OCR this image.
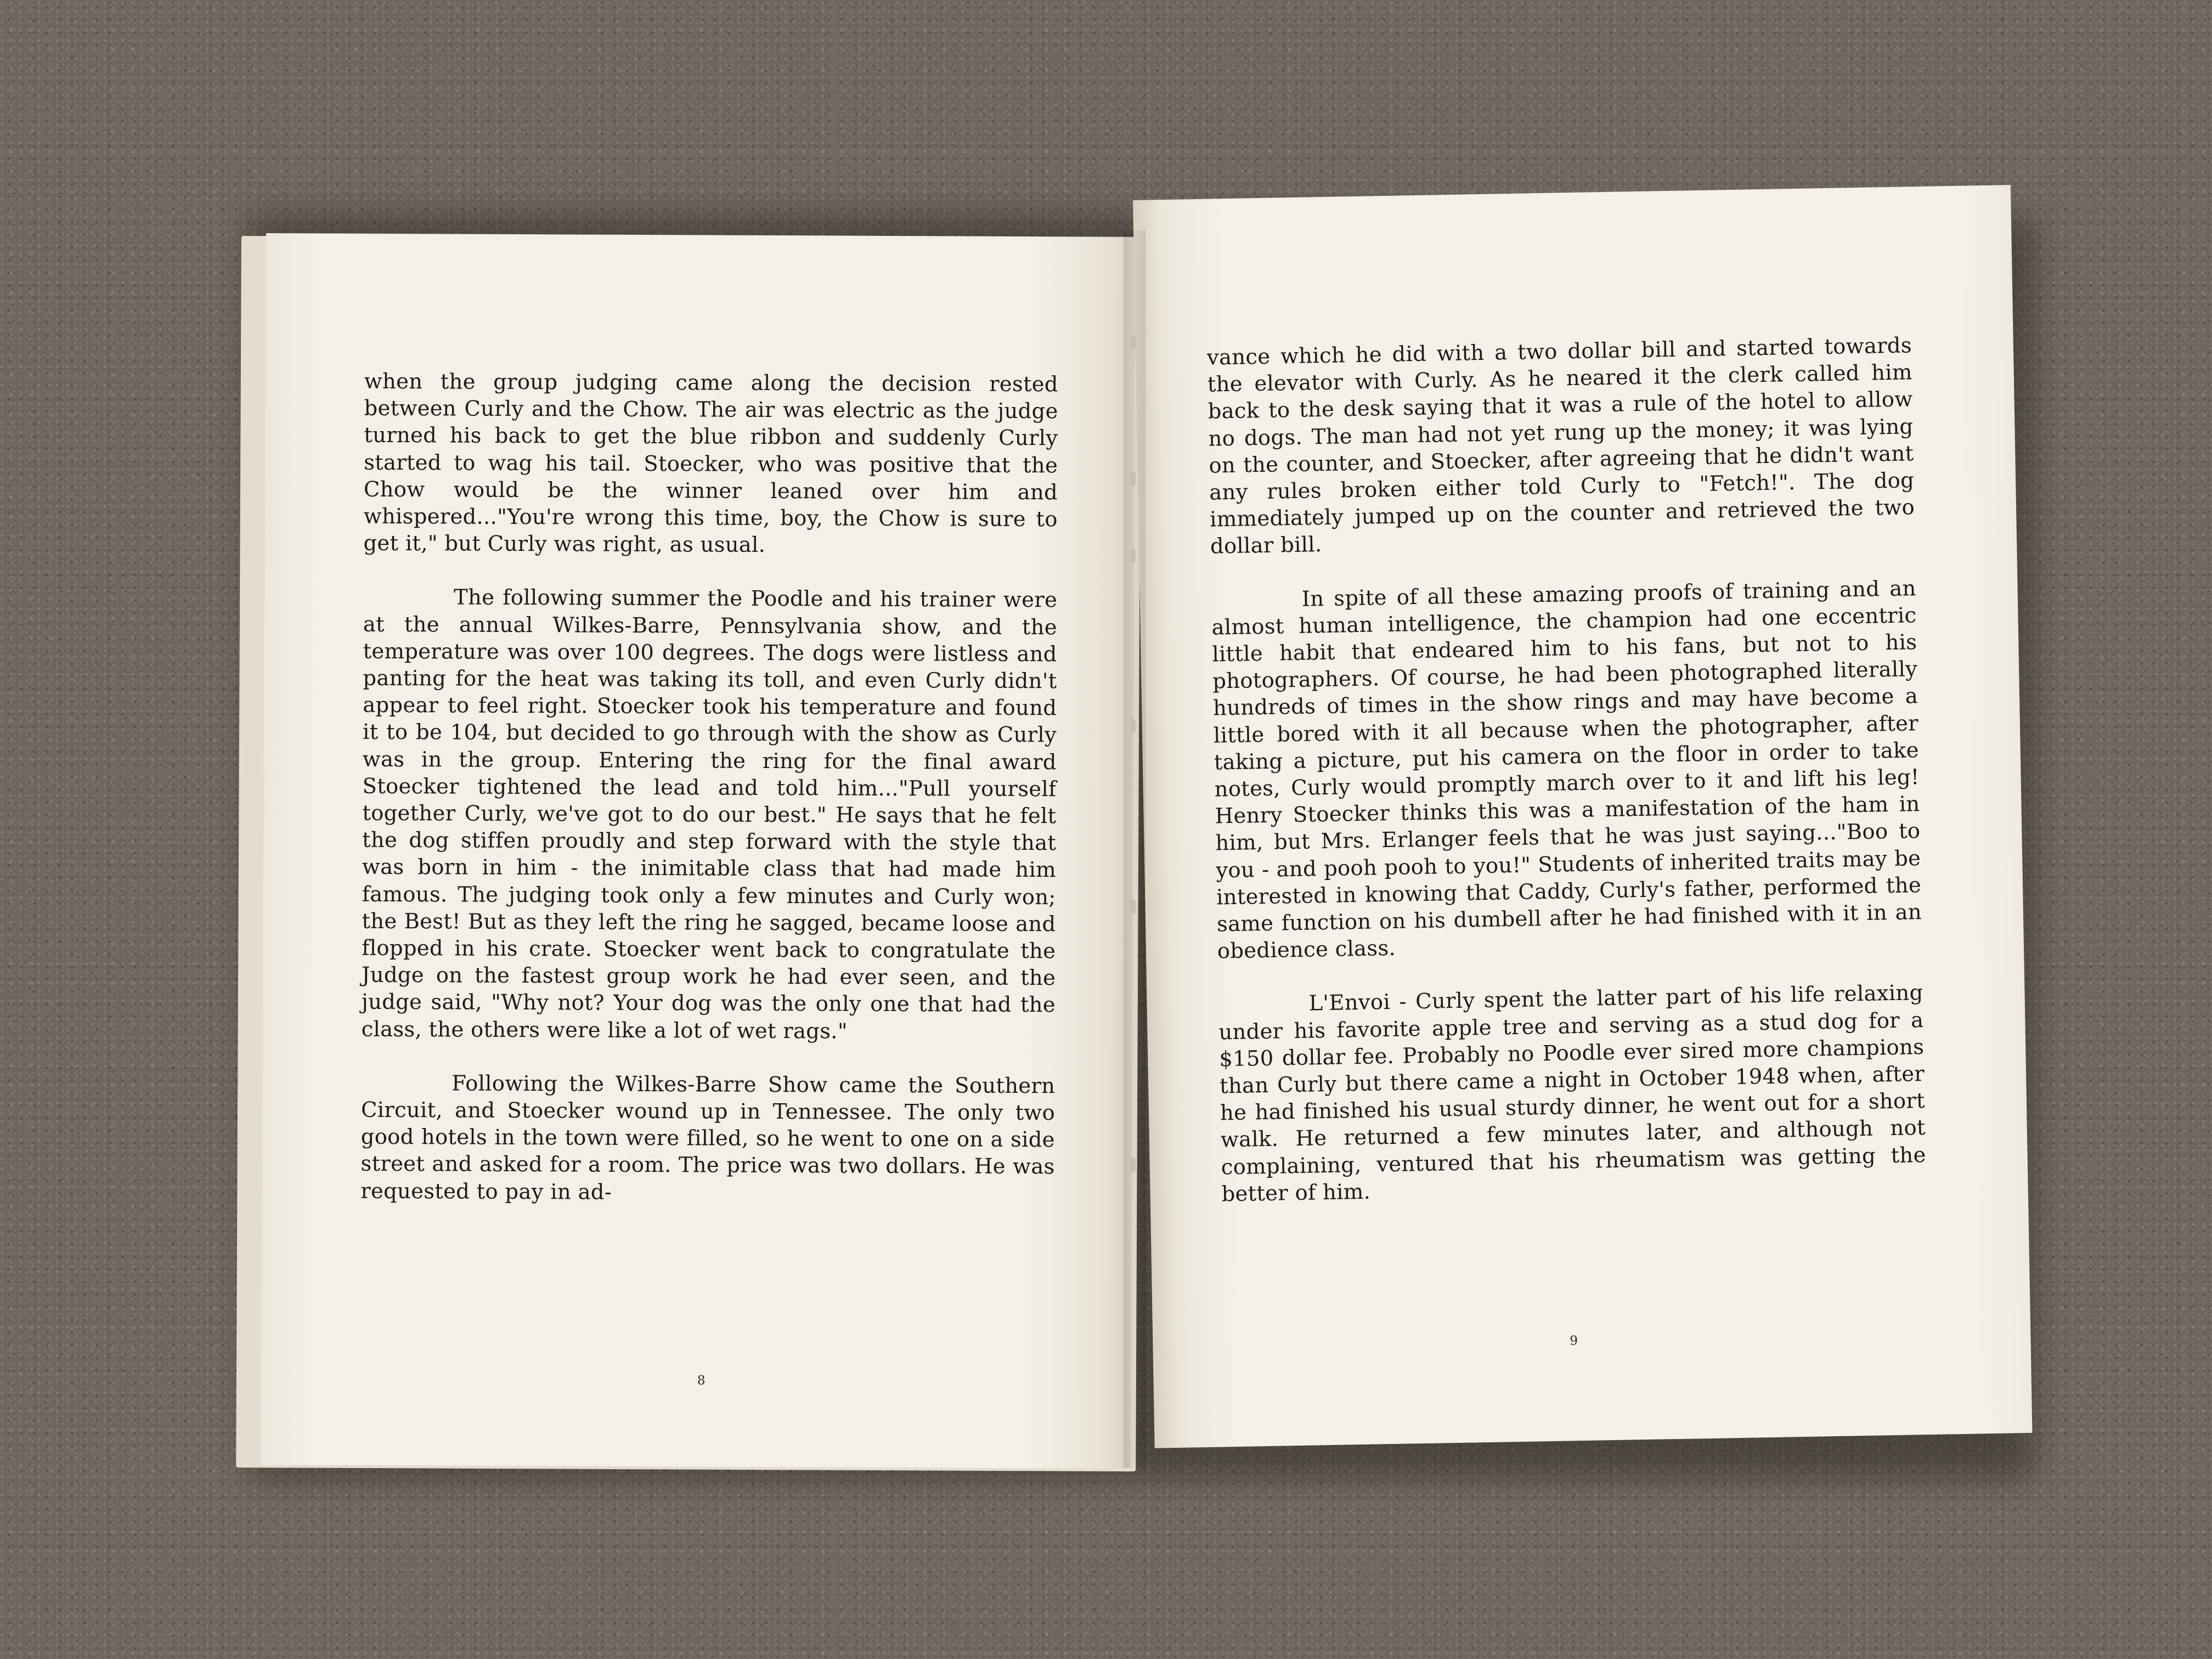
when the group judging came along the decision rested between Curly and the Chow. The air was electric as the judge turned his back to get the blue ribbon and suddenly Curly started to wag his tail. Stoecker, who was positive that the Chow would be the winner leaned over him and whispered..."You're wrong this time, boy, the Chow is sure to get it," but Curly was right, as usual.

The following summer the Poodle and his trainer were at the annual Wilkes-Barre, Pennsylvania show, and the temperature was over 100 degrees. The dogs were listless and panting for the heat was taking its toll, and even Curly didn't appear to feel right. Stoecker took his temperature and found it to be 104, but decided to go through with the show as Curly was in the group. Entering the ring for the final award Stoecker tightened the lead and told him..."Pull yourself together Curly, we've got to do our best." He says that he felt the dog stiffen proudly and step forward with the style that was born in him - the inimitable class that had made him famous. The judging took only a few minutes and Curly won; the Best! But as they left the ring he sagged, became loose and flopped in his crate. Stoecker went back to congratulate the Judge on the fastest group work he had ever seen, and the judge said, "Why not? Your dog was the only one that had the class, the others were like a lot of wet rags."

Following the Wilkes-Barre Show came the Southern Circuit, and Stoecker wound up in Tennessee. The only two good hotels in the town were filled, so he went to one on a side street and asked for a room. The price was two dollars. He was requested to pay in ad-

8

vance which he did with a two dollar bill and started towards the elevator with Curly. As he neared it the clerk called him back to the desk saying that it was a rule of the hotel to allow no dogs. The man had not yet rung up the money; it was lying on the counter, and Stoecker, after agreeing that he didn't want any rules broken either told Curly to "Fetch!". The dog immediately jumped up on the counter and retrieved the two dollar bill.

In spite of all these amazing proofs of training and an almost human intelligence, the champion had one eccentric little habit that endeared him to his fans, but not to his photographers. Of course, he had been photographed literally hundreds of times in the show rings and may have become a little bored with it all because when the photographer, after taking a picture, put his camera on the floor in order to take notes, Curly would promptly march over to it and lift his leg! Henry Stoecker thinks this was a manifestation of the ham in him, but Mrs. Erlanger feels that he was just saying..."Boo to you - and pooh pooh to you!" Students of inherited traits may be interested in knowing that Caddy, Curly's father, performed the same function on his dumbell after he had finished with it in an obedience class.

L'Envoi - Curly spent the latter part of his life relaxing under his favorite apple tree and serving as a stud dog for a $150 dollar fee. Probably no Poodle ever sired more champions than Curly but there came a night in October 1948 when, after he had finished his usual sturdy dinner, he went out for a short walk. He returned a few minutes later, and although not complaining, ventured that his rheumatism was getting the better of him.

9
